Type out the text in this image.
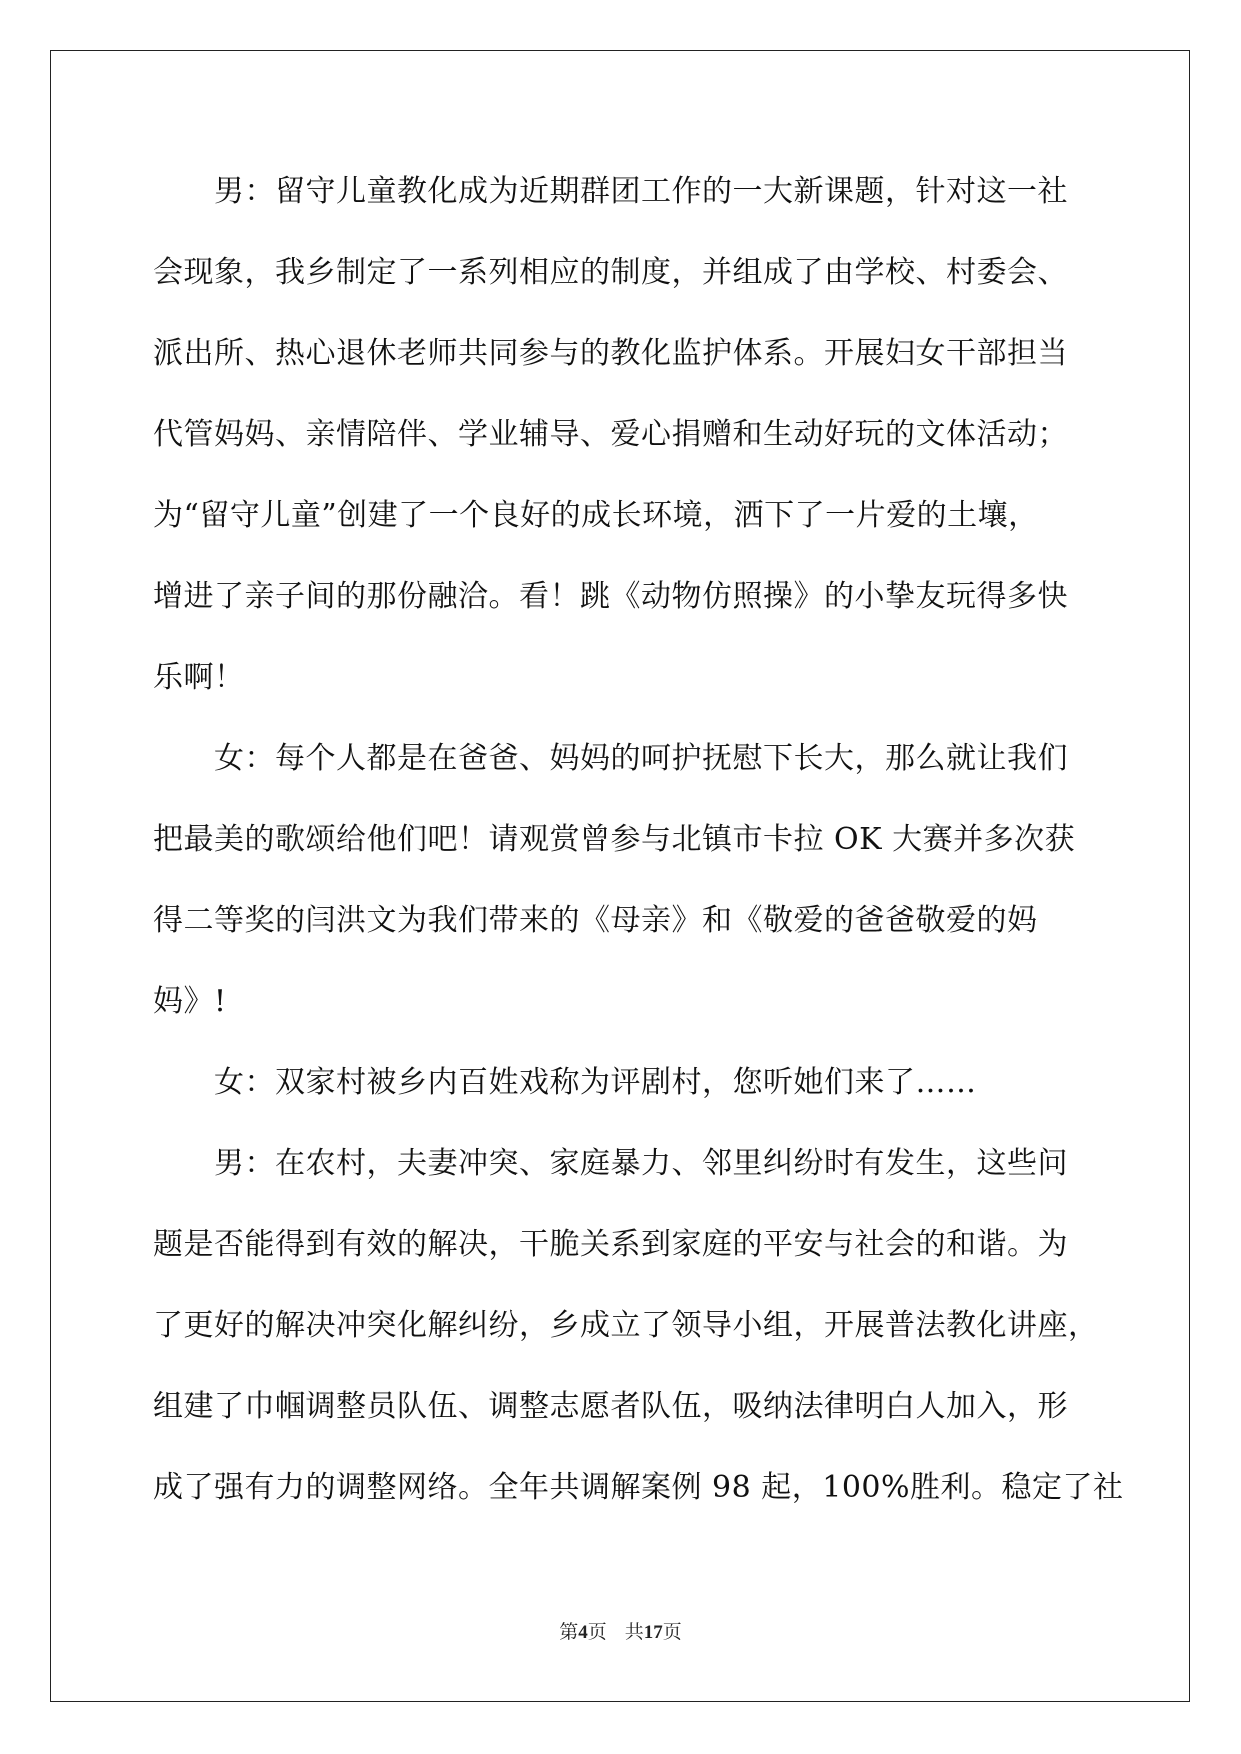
男：留守儿童教化成为近期群团工作的一大新课题，针对这一社
会现象，我乡制定了一系列相应的制度，并组成了由学校、村委会、
派出所、热心退休老师共同参与的教化监护体系。开展妇女干部担当
代管妈妈、亲情陪伴、学业辅导、爱心捐赠和生动好玩的文体活动；
为“留守儿童”创建了一个良好的成长环境，洒下了一片爱的土壤，
增进了亲子间的那份融洽。看！跳《动物仿照操》的小挚友玩得多快
乐啊！
女：每个人都是在爸爸、妈妈的呵护抚慰下长大，那么就让我们
把最美的歌颂给他们吧！请观赏曾参与北镇市卡拉 OK 大赛并多次获
得二等奖的闫洪文为我们带来的《母亲》和《敬爱的爸爸敬爱的妈
妈》!
女：双家村被乡内百姓戏称为评剧村，您听她们来了……
男：在农村，夫妻冲突、家庭暴力、邻里纠纷时有发生，这些问
题是否能得到有效的解决，干脆关系到家庭的平安与社会的和谐。为
了更好的解决冲突化解纠纷，乡成立了领导小组，开展普法教化讲座，
组建了巾帼调整员队伍、调整志愿者队伍，吸纳法律明白人加入，形
成了强有力的调整网络。全年共调解案例 98 起，100%胜利。稳定了社
第4页 共17页
